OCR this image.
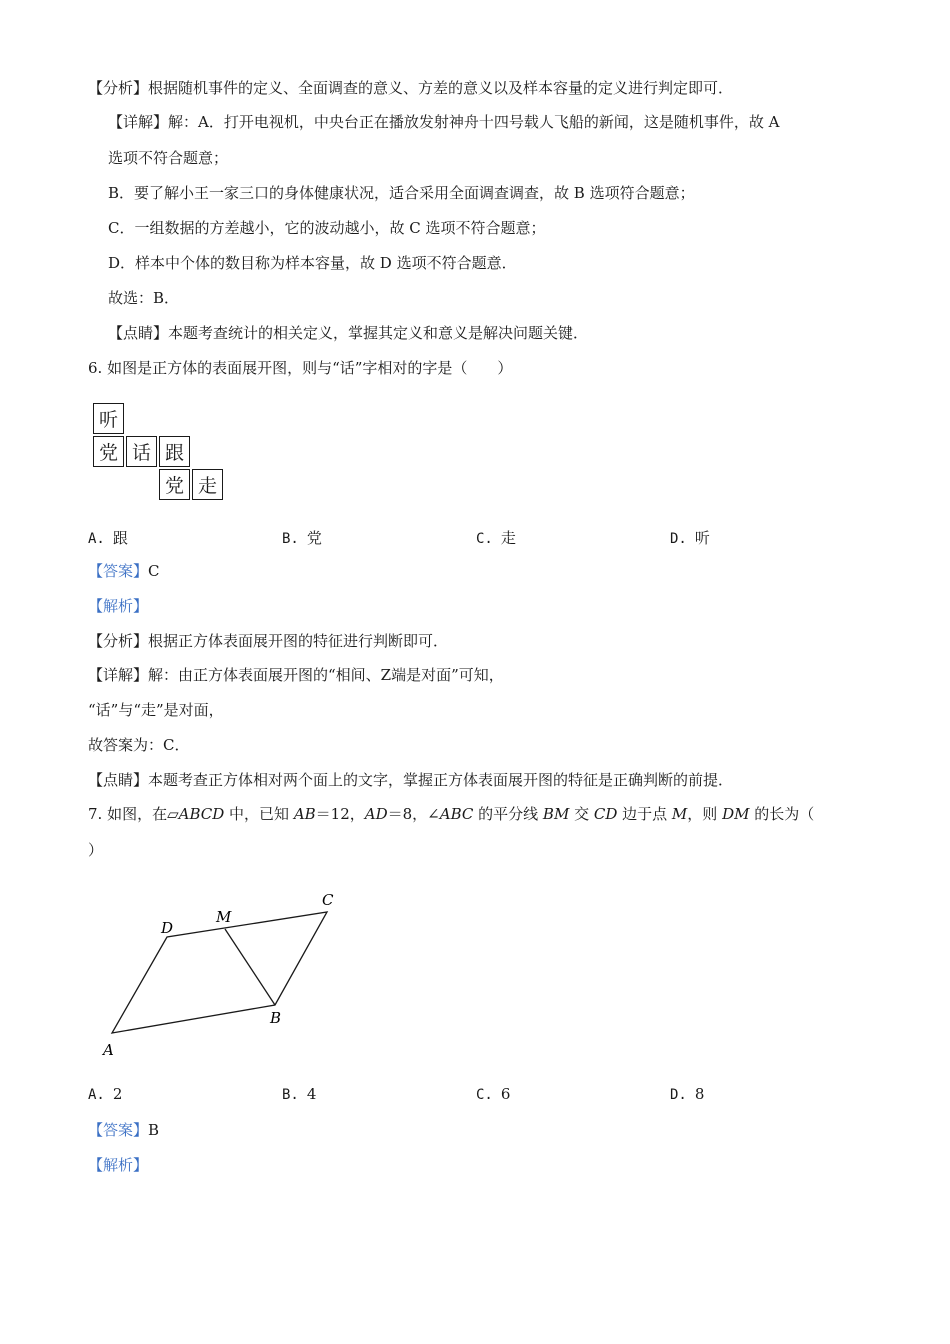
【分析】根据随机事件的定义、全面调查的意义、方差的意义以及样本容量的定义进行判定即可．
【详解】解：A．打开电视机，中央台正在播放发射神舟十四号载人飞船的新闻，这是随机事件，故 A
选项不符合题意；
B．要了解小王一家三口的身体健康状况，适合采用全面调查调查，故 B 选项符合题意；
C．一组数据的方差越小，它的波动越小，故 C 选项不符合题意；
D．样本中个体的数目称为样本容量，故 D 选项不符合题意．
故选：B．
【点睛】本题考查统计的相关定义，掌握其定义和意义是解决问题关键．
6. 如图是正方体的表面展开图，则与“话”字相对的字是（　　）
听
党 话 跟
党 走
A. 跟	B. 党	C. 走	D. 听
【答案】C
【解析】
【分析】根据正方体表面展开图的特征进行判断即可．
【详解】解：由正方体表面展开图的“相间、Z端是对面”可知，
“话”与“走”是对面，
故答案为：C．
【点睛】本题考查正方体相对两个面上的文字，掌握正方体表面展开图的特征是正确判断的前提．
7. 如图，在▱ABCD 中，已知 AB＝12，AD＝8，∠ABC 的平分线 BM 交 CD 边于点 M，则 DM 的长为（
）
A
B
C
D
M
A. 2	B. 4	C. 6	D. 8
【答案】B
【解析】
